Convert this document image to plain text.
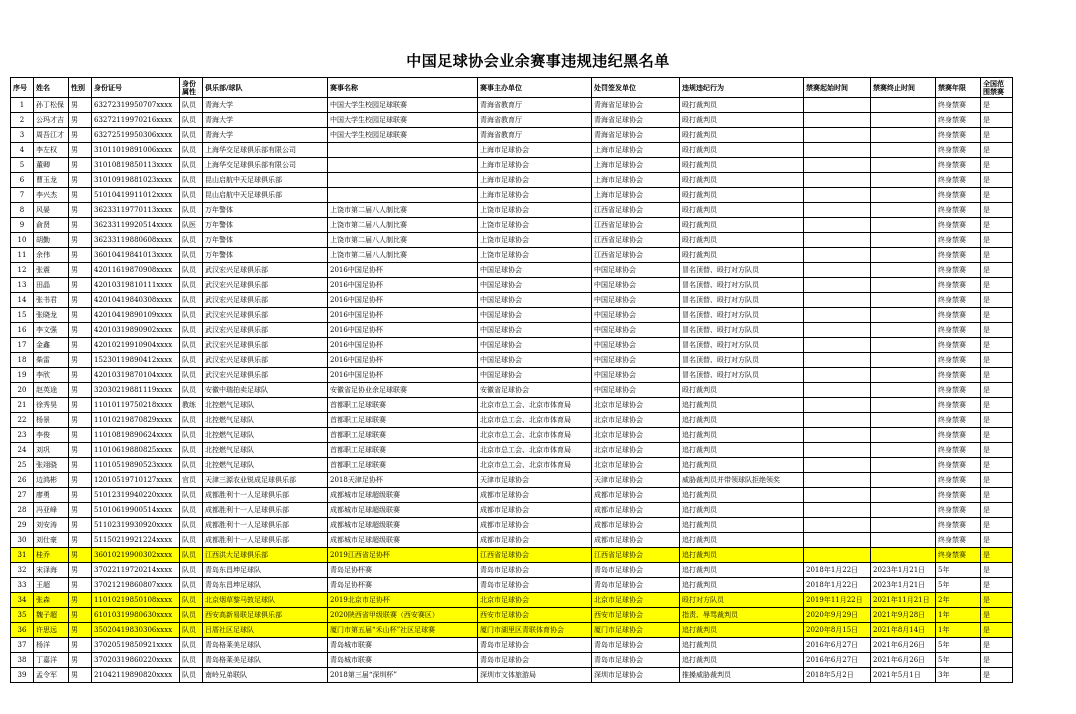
中国足球协会业余赛事违规违纪黑名单
序号	姓名	性别	身份证号	身份属性	俱乐部/球队	赛事名称	赛事主办单位	处罚签发单位	违规违纪行为	禁赛起始时间	禁赛终止时间	禁赛年限	全国范围禁赛
1	孙丁松保	男	63272319950707xxxx	队员	青海大学	中国大学生校园足球联赛	青海省教育厅	青海省足球协会	殴打裁判员			终身禁赛	是
2	公玛才吉	男	63272119970216xxxx	队员	青海大学	中国大学生校园足球联赛	青海省教育厅	青海省足球协会	殴打裁判员			终身禁赛	是
3	周吾江才	男	63272519950306xxxx	队员	青海大学	中国大学生校园足球联赛	青海省教育厅	青海省足球协会	殴打裁判员			终身禁赛	是
4	李左权	男	31011019891006xxxx	队员	上海华交足球俱乐部有限公司		上海市足球协会	上海市足球协会	殴打裁判员			终身禁赛	是
5	董卿	男	31010819850113xxxx	队员	上海华交足球俱乐部有限公司		上海市足球协会	上海市足球协会	殴打裁判员			终身禁赛	是
6	曹玉龙	男	31010919881023xxxx	队员	昆山启航中天足球俱乐部		上海市足球协会	上海市足球协会	殴打裁判员			终身禁赛	是
7	李兴杰	男	51010419911012xxxx	队员	昆山启航中天足球俱乐部		上海市足球协会	上海市足球协会	殴打裁判员			终身禁赛	是
8	风晏	男	36233119770113xxxx	队员	万年警体	上饶市第二届八人制比赛	上饶市足球协会	江西省足球协会	殴打裁判员			终身禁赛	是
9	俞贤	男	36233119920514xxxx	队医	万年警体	上饶市第二届八人制比赛	上饶市足球协会	江西省足球协会	殴打裁判员			终身禁赛	是
10	胡勤	男	36233119880608xxxx	队员	万年警体	上饶市第二届八人制比赛	上饶市足球协会	江西省足球协会	殴打裁判员			终身禁赛	是
11	余伟	男	36010419841013xxxx	队员	万年警体	上饶市第二届八人制比赛	上饶市足球协会	江西省足球协会	殴打裁判员			终身禁赛	是
12	张震	男	42011619870908xxxx	队员	武汉宏兴足球俱乐部	2016中国足协杯	中国足球协会	中国足球协会	冒名顶替、殴打对方队员			终身禁赛	是
13	田晶	男	42010319810111xxxx	队员	武汉宏兴足球俱乐部	2016中国足协杯	中国足球协会	中国足球协会	冒名顶替、殴打对方队员			终身禁赛	是
14	张书君	男	42010419840308xxxx	队员	武汉宏兴足球俱乐部	2016中国足协杯	中国足球协会	中国足球协会	冒名顶替、殴打对方队员			终身禁赛	是
15	张晓龙	男	42010419890109xxxx	队员	武汉宏兴足球俱乐部	2016中国足协杯	中国足球协会	中国足球协会	冒名顶替、殴打对方队员			终身禁赛	是
16	李文强	男	42010319890902xxxx	队员	武汉宏兴足球俱乐部	2016中国足协杯	中国足球协会	中国足球协会	冒名顶替、殴打对方队员			终身禁赛	是
17	金鑫	男	42010219910904xxxx	队员	武汉宏兴足球俱乐部	2016中国足协杯	中国足球协会	中国足球协会	冒名顶替、殴打对方队员			终身禁赛	是
18	柴雷	男	15230119890412xxxx	队员	武汉宏兴足球俱乐部	2016中国足协杯	中国足球协会	中国足球协会	冒名顶替、殴打对方队员			终身禁赛	是
19	李欣	男	42010319870104xxxx	队员	武汉宏兴足球俱乐部	2016中国足协杯	中国足球协会	中国足球协会	冒名顶替、殴打对方队员			终身禁赛	是
20	赵英途	男	32030219881119xxxx	队员	安徽中瑞拍卖足球队	安徽省足协业余足球联赛	安徽省足球协会	中国足球协会	殴打裁判员			终身禁赛	是
21	徐秀昊	男	11010119750218xxxx	教练	北控燃气足球队	首都职工足球联赛	北京市总工会、北京市体育局	北京市足球协会	追打裁判员			终身禁赛	是
22	杨景	男	11010219870829xxxx	队员	北控燃气足球队	首都职工足球联赛	北京市总工会、北京市体育局	北京市足球协会	追打裁判员			终身禁赛	是
23	李俊	男	11010819890624xxxx	队员	北控燃气足球队	首都职工足球联赛	北京市总工会、北京市体育局	北京市足球协会	追打裁判员			终身禁赛	是
24	刘巩	男	11010619880825xxxx	队员	北控燃气足球队	首都职工足球联赛	北京市总工会、北京市体育局	北京市足球协会	追打裁判员			终身禁赛	是
25	张翊骁	男	11010519890523xxxx	队员	北控燃气足球队	首都职工足球联赛	北京市总工会、北京市体育局	北京市足球协会	追打裁判员			终身禁赛	是
26	边鸿彬	男	12010519710127xxxx	官员	天津三源农业锐成足球俱乐部	2018天津足协杯	天津市足球协会	天津市足球协会	威胁裁判员并带领球队拒绝领奖			终身禁赛	是
27	廖勇	男	51012319940220xxxx	队员	成都胜利十一人足球俱乐部	成都城市足球超级联赛	成都市足球协会	成都市足球协会	追打裁判员			终身禁赛	是
28	冯亚峰	男	51010619900514xxxx	队员	成都胜利十一人足球俱乐部	成都城市足球超级联赛	成都市足球协会	成都市足球协会	追打裁判员			终身禁赛	是
29	刘安涛	男	51102319930920xxxx	队员	成都胜利十一人足球俱乐部	成都城市足球超级联赛	成都市足球协会	成都市足球协会	追打裁判员			终身禁赛	是
30	刘仕豪	男	51150219921224xxxx	队员	成都胜利十一人足球俱乐部	成都城市足球超级联赛	成都市足球协会	成都市足球协会	追打裁判员			终身禁赛	是
31	桂乔	男	36010219900302xxxx	队员	江西洪大足球俱乐部	2019江西省足协杯	江西省足球协会	江西省足球协会	追打裁判员			终身禁赛	是
32	宋泽海	男	37022119720214xxxx	队员	青岛东昌坤足球队	青岛足协杯赛	青岛市足球协会	青岛市足球协会	追打裁判员	2018年1月22日	2023年1月21日	5年	是
33	王超	男	37021219860807xxxx	队员	青岛东昌坤足球队	青岛足协杯赛	青岛市足球协会	青岛市足球协会	追打裁判员	2018年1月22日	2023年1月21日	5年	是
34	张森	男	11010219850108xxxx	队员	北京烟草黎马敦足球队	2019北京市足协杯	北京市足球协会	北京市足球协会	殴打对方队员	2019年11月22日	2021年11月21日	2年	是
35	魏子超	男	61010319980630xxxx	队员	西安高新易联足球俱乐部	2020陕西省甲级联赛（西安赛区）	西安市足球协会	西安市足球协会	指责、辱骂裁判员	2020年9月29日	2021年9月28日	1年	是
36	许思远	男	35020419830306xxxx	队员	吕厝社区足球队	厦门市第五届“禾山杯”社区足球赛	厦门市湖里区青联体育协会	厦门市足球协会	追打裁判员	2020年8月15日	2021年8月14日	1年	是
37	杨洋	男	37020519850921xxxx	队员	青岛格莱美足球队	青岛城市联赛	青岛市足球协会	青岛市足球协会	追打裁判员	2016年6月27日	2021年6月26日	5年	是
38	丁嘉洋	男	37020319860220xxxx	队员	青岛格莱美足球队	青岛城市联赛	青岛市足球协会	青岛市足球协会	追打裁判员	2016年6月27日	2021年6月26日	5年	是
39	孟令军	男	21042119890820xxxx	队员	南岭兄弟联队	2018第三届“深圳杯”	深圳市文体旅游局	深圳市足球协会	推搡威胁裁判员	2018年5月2日	2021年5月1日	3年	是
